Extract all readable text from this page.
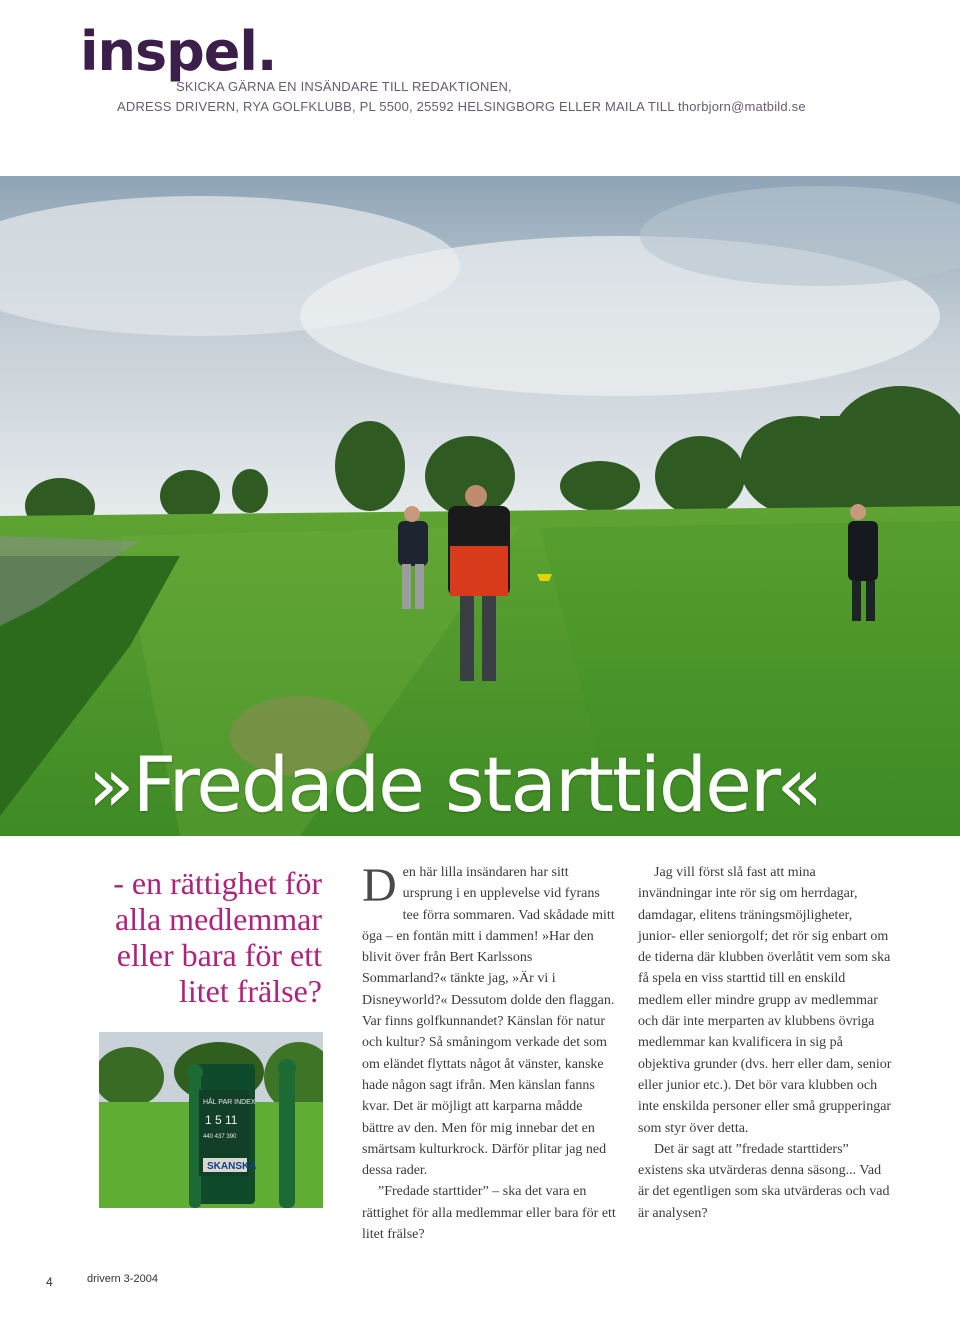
inspel.
SKICKA GÄRNA EN INSÄNDARE TILL REDAKTIONEN,
ADRESS DRIVERN, RYA GOLFKLUBB, PL 5500, 25592 HELSINGBORG ELLER MAILA TILL thorbjorn@matbild.se
»Fredade starttider«
- en rättighet för
alla medlemmar
eller bara för ett
litet frälse?
HÅL PAR INDEX
1 5 11
440 437 390
SKANSKA

Den här lilla insändaren har sitt ursprung i en upplevelse vid fyrans tee förra sommaren. Vad skådade mitt öga – en fontän mitt i dammen! »Har den blivit över från Bert Karlssons Sommarland?« tänkte jag, »Är vi i Disneyworld?« Dessutom dolde den flaggan. Var finns golfkunnandet? Känslan för natur och kultur? Så småningom verkade det som om eländet flyttats något åt vänster, kanske hade någon sagt ifrån. Men känslan fanns kvar. Det är möjligt att karparna mådde bättre av den. Men för mig innebar det en smärtsam kulturkrock. Därför plitar jag ned dessa rader.

”Fredade starttider” – ska det vara en rättighet för alla medlemmar eller bara för ett litet frälse?

Jag vill först slå fast att mina invändningar inte rör sig om herrdagar, damdagar, elitens träningsmöjligheter, junior- eller seniorgolf; det rör sig enbart om de tiderna där klubben överlåtit vem som ska få spela en viss starttid till en enskild medlem eller mindre grupp av medlemmar och där inte merparten av klubbens övriga medlemmar kan kvalificera in sig på objektiva grunder (dvs. herr eller dam, senior eller junior etc.). Det bör vara klubben och inte enskilda personer eller små grupperingar som styr över detta.

Det är sagt att ”fredade starttiders” existens ska utvärderas denna säsong... Vad är det egentligen som ska utvärderas och vad är analysen?

4	drivern 3-2004
